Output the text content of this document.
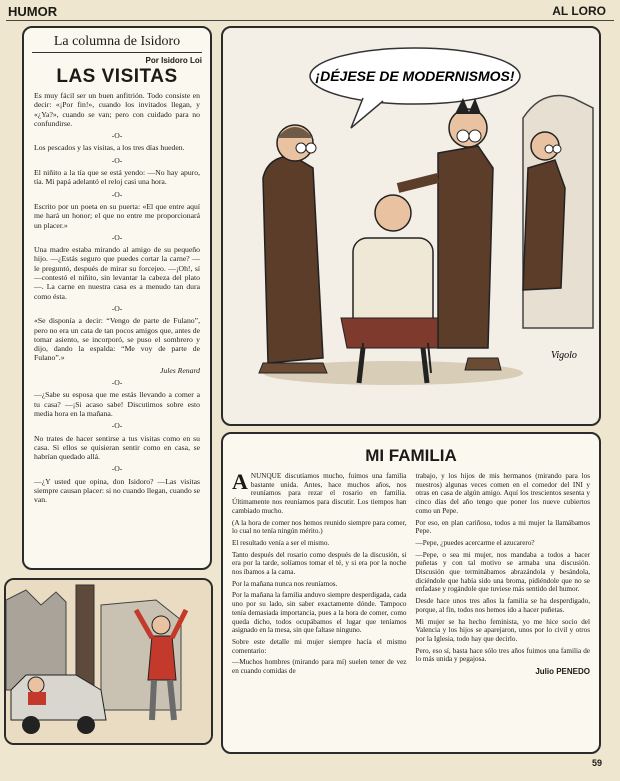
HUMOR	AL LORO
La columna de Isidoro
Por Isidoro Loi
LAS VISITAS

Es muy fácil ser un buen anfitrión. Todo consiste en decir: «¡Por fin!», cuando los invitados llegan, y «¿Ya?», cuando se van; pero con cuidado para no confundirse.

-O-

Los pescados y las visitas, a los tres días hueden.

-O-

El niñito a la tía que se está yendo: —No hay apuro, tía. Mi papá adelantó el reloj casi una hora.

-O-

Escrito por un poeta en su puerta: «El que entre aquí me hará un honor; el que no entre me proporcionará un placer.»

-O-

Una madre estaba mirando al amigo de su pequeño hijo. —¿Estás seguro que puedes cortar la carne? —le preguntó, después de mirar su forcejeo. —¡Oh!, sí —contestó el niñito, sin levantar la cabeza del plato—. La carne en nuestra casa es a menudo tan dura como ésta.

-O-

«Se disponía a decir: “Vengo de parte de Fulano”, pero no era un cata de tan pocos amigos que, antes de tomar asiento, se incorporó, se puso el sombrero y dijo, dando la espalda: “Me voy de parte de Fulano”.»

Jules Renard

-O-

—¿Sabe su esposa que me estás llevando a comer a tu casa? —¡Si acaso sabe! Discutimos sobre esto media hora en la mañana.

-O-

No trates de hacer sentirse a tus visitas como en su casa. Si ellos se quisieran sentir como en casa, se habrían quedado allá.

-O-

—¿Y usted que opina, don Isidoro? —Las visitas siempre causan placer: si no cuando llegan, cuando se van.

¡DÉJESE DE MODERNISMOS!
Vigolo
MI FAMILIA
A NUNQUE discutíamos mucho, fuimos una familia bastante unida. Antes, hace muchos años, nos reuníamos para rezar el rosario en familia. Últimamente nos reuníamos para discutir. Los tiempos han cambiado mucho.

(A la hora de comer nos hemos reunido siempre para comer, lo cual no tenía ningún mérito.)

El resultado venía a ser el mismo.

Tanto después del rosario como después de la discusión, si era por la tarde, solíamos tomar el té, y si era por la noche nos íbamos a la cama.

Por la mañana nunca nos reuníamos.

Por la mañana la familia anduvo siempre desperdigada, cada uno por su lado, sin saber exactamente dónde. Tampoco tenía demasiada importancia, pues a la hora de comer, como queda dicho, todos ocupábamos el lugar que teníamos asignado en la mesa, sin que faltase ninguno.

Sobre este detalle mi mujer siempre hacía el mismo comentario:

—Muchos hombres (mirando para mí) suelen tener de vez en cuando comidas de

trabajo, y los hijos de mis hermanos (mirando para los nuestros) algunas veces comen en el comedor del INI y otras en casa de algún amigo. Aquí los trescientos sesenta y cinco días del año tengo que poner los nueve cubiertos como un Pepe.

Por eso, en plan cariñoso, todos a mi mujer la llamábamos Pepe.

—Pepe, ¿puedes acercarme el azucarero?

—Pepe, o sea mi mujer, nos mandaba a todos a hacer puñetas y con tal motivo se armaba una discusión. Discusión que terminábamos abrazándola y besándola, diciéndole que había sido una broma, pidiéndole que no se enfadase y rogándole que tuviese más sentido del humor.

Desde hace unos tres años la familia se ha desperdigado, porque, al fin, todos nos hemos ido a hacer puñetas.

Mi mujer se ha hecho feminista, yo me hice socio del Valencia y los hijos se aparejaron, unos por lo civil y otros por la Iglesia, todo hay que decirlo.

Pero, eso sí, basta hace sólo tres años fuimos una familia de lo más unida y pegajosa.

Julio PENEDO
59
